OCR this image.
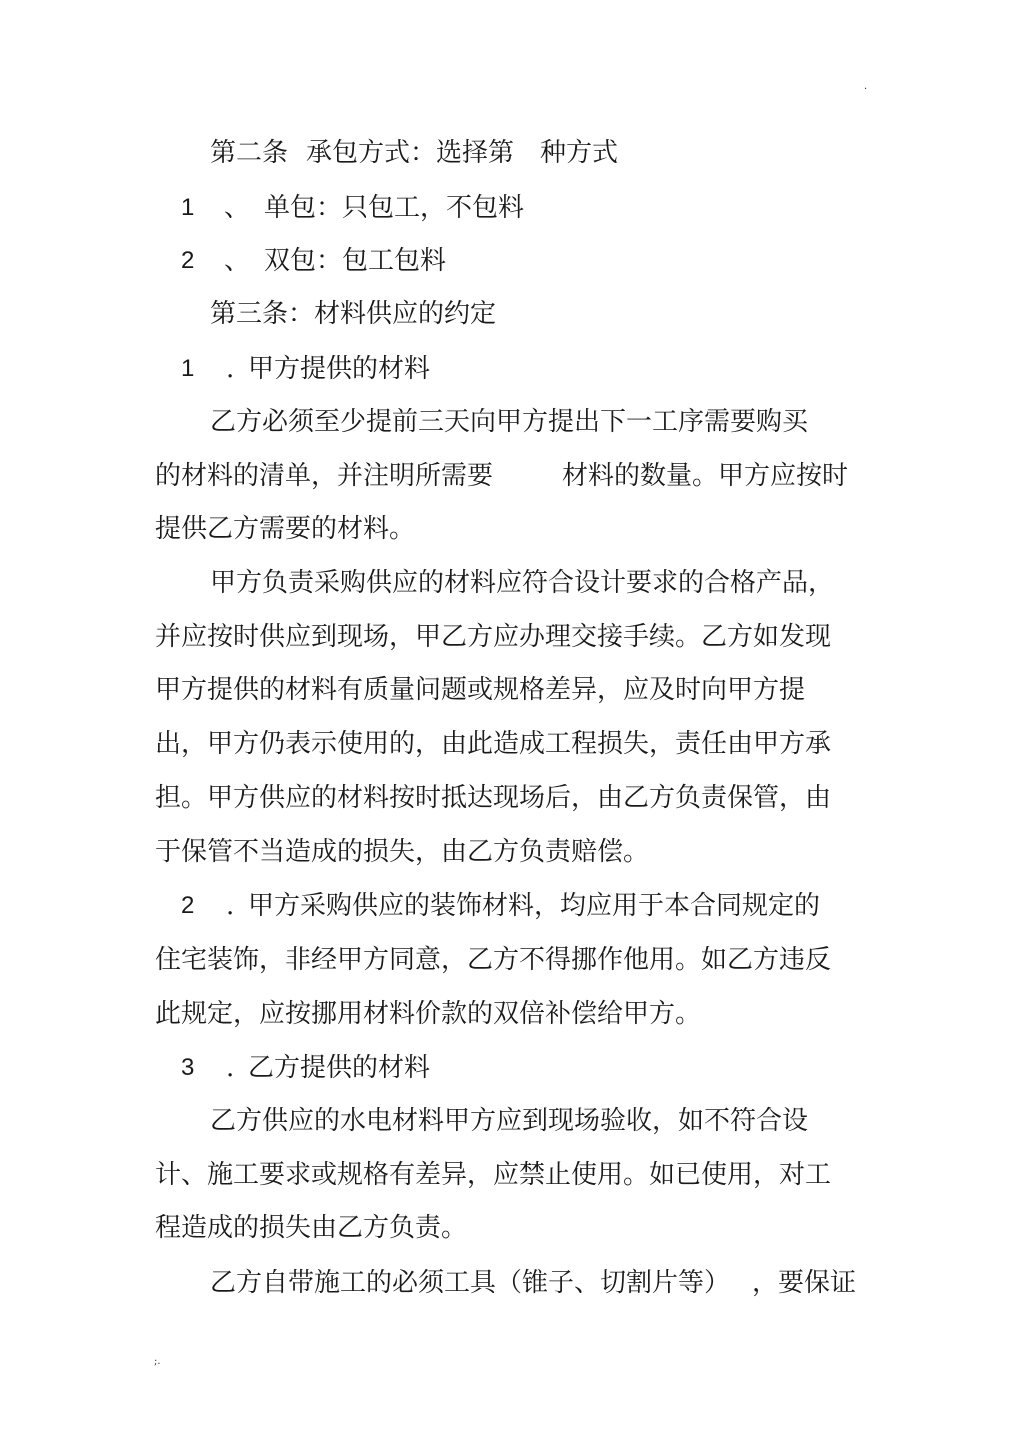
·
第二条 承包方式：选择第 种方式
1 、 单包：只包工，不包料
2 、 双包：包工包料
第三条：材料供应的约定
1 . 甲方提供的材料
乙方必须至少提前三天向甲方提出下一工序需要购买
的材料的清单，并注明所需要	材料的数量。甲方应按时
提供乙方需要的材料。
甲方负责采购供应的材料应符合设计要求的合格产品，
并应按时供应到现场，甲乙方应办理交接手续。乙方如发现
甲方提供的材料有质量问题或规格差异，应及时向甲方提
出，甲方仍表示使用的，由此造成工程损失，责任由甲方承
担。甲方供应的材料按时抵达现场后，由乙方负责保管，由
于保管不当造成的损失，由乙方负责赔偿。
2 . 甲方采购供应的装饰材料，均应用于本合同规定的
住宅装饰，非经甲方同意，乙方不得挪作他用。如乙方违反
此规定，应按挪用材料价款的双倍补偿给甲方。
3 . 乙方提供的材料
乙方供应的水电材料甲方应到现场验收，如不符合设
计、施工要求或规格有差异，应禁止使用。如已使用，对工
程造成的损失由乙方负责。
乙方自带施工的必须工具（锥子、切割片等） ，要保证
;.
